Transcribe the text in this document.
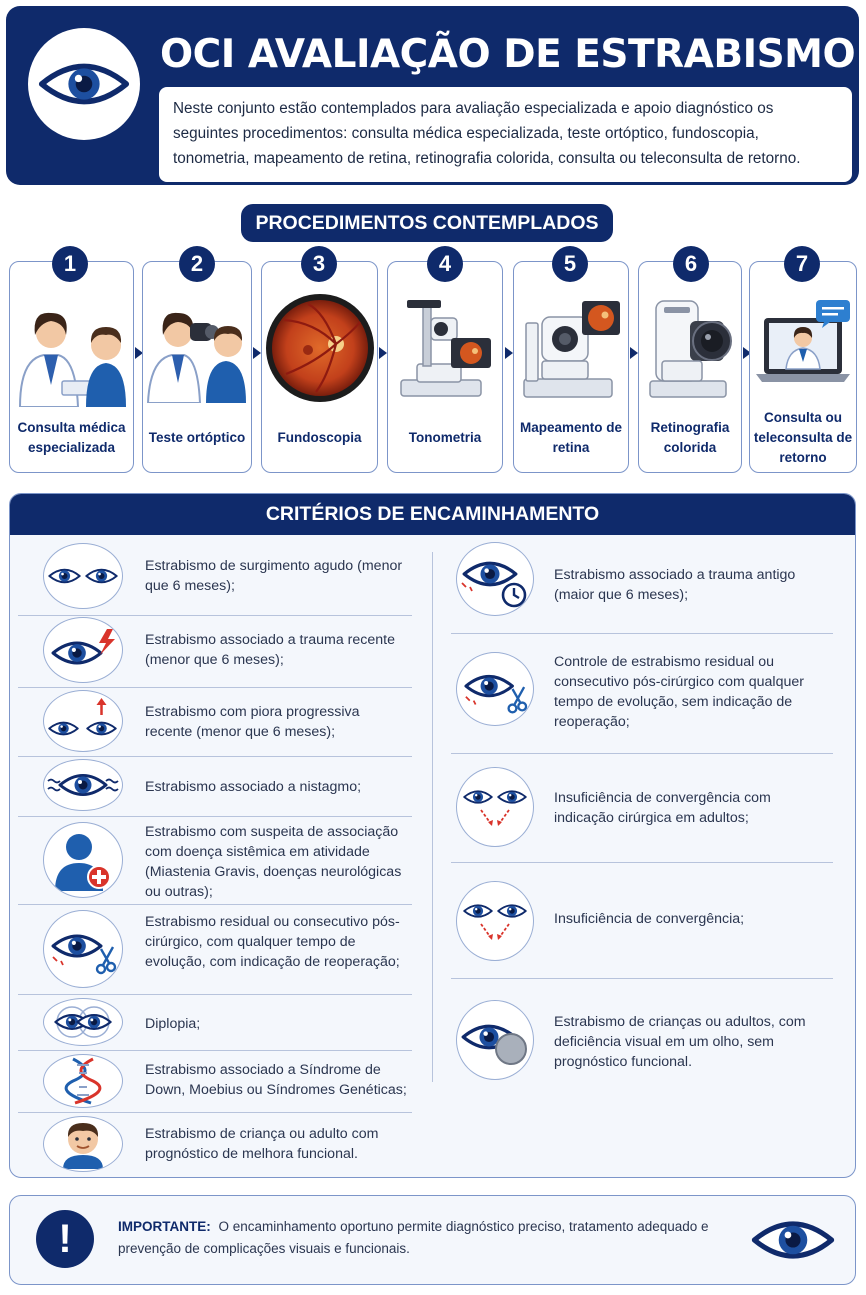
OCI AVALIAÇÃO DE ESTRABISMO
Neste conjunto estão contemplados para avaliação especializada e apoio diagnóstico os seguintes procedimentos: consulta médica especializada, teste ortóptico, fundoscopia, tonometria, mapeamento de retina, retinografia colorida, consulta ou teleconsulta de retorno.
PROCEDIMENTOS CONTEMPLADOS
1	2	3	4	5	6	7
Consulta médica especializada
Teste ortóptico	Fundoscopia	Tonometria
Mapeamento de retina
Retinografia colorida
Consulta ou teleconsulta de retorno
CRITÉRIOS DE ENCAMINHAMENTO
Estrabismo de surgimento agudo (menor que 6 meses);
Estrabismo associado a trauma recente (menor que 6 meses);
Estrabismo com piora progressiva recente (menor que 6 meses);
Estrabismo associado a nistagmo;
Estrabismo com suspeita de associação com doença sistêmica em atividade (Miastenia Gravis, doenças neurológicas ou outras);
Estrabismo residual ou consecutivo pós-cirúrgico, com qualquer tempo de evolução, com indicação de reoperação;
Diplopia;
Estrabismo associado a Síndrome de Down, Moebius ou Síndromes Genéticas;
Estrabismo de criança ou adulto com prognóstico de melhora funcional.
Estrabismo associado a trauma antigo (maior que 6 meses);
Controle de estrabismo residual ou consecutivo pós-cirúrgico com qualquer tempo de evolução, sem indicação de reoperação;
Insuficiência de convergência com indicação cirúrgica em adultos;
Insuficiência de convergência;
Estrabismo de crianças ou adultos, com deficiência visual em um olho, sem prognóstico funcional.
!	IMPORTANTE: O encaminhamento oportuno permite diagnóstico preciso, tratamento adequado e prevenção de complicações visuais e funcionais.
